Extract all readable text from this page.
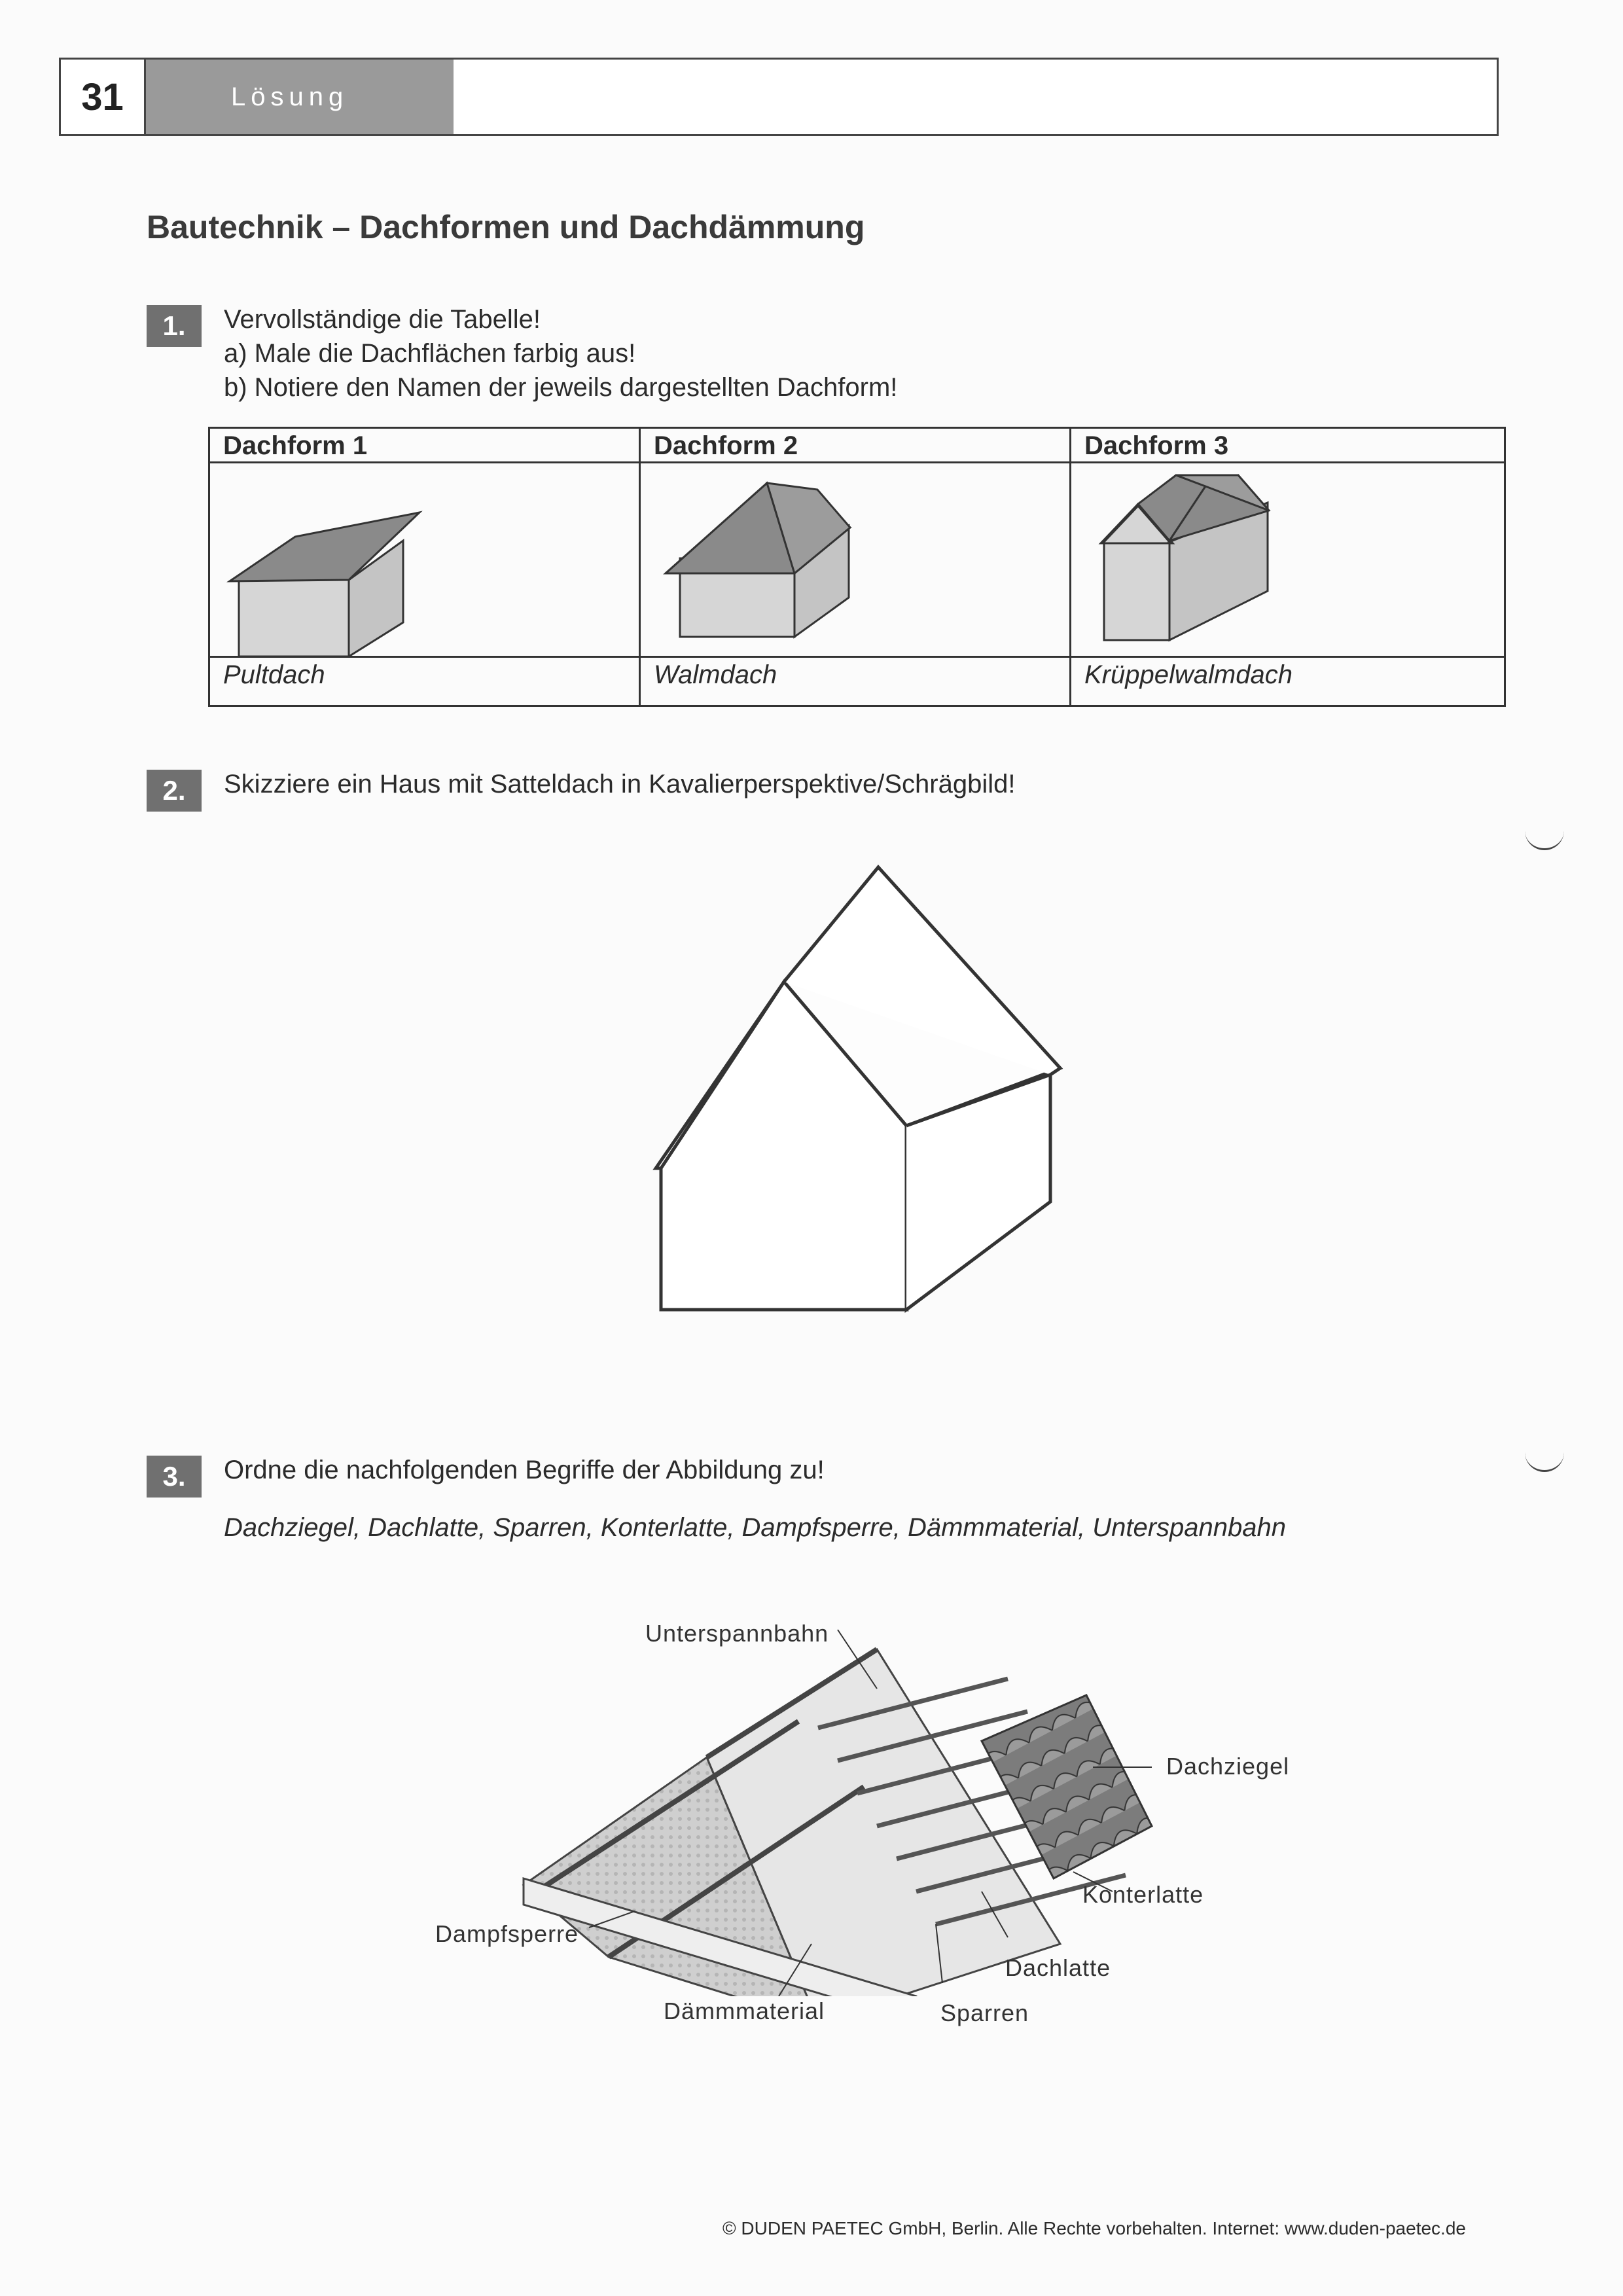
31	Lösung
Bautechnik – Dachformen und Dachdämmung
1.	Vervollständige die Tabelle!
a) Male die Dachflächen farbig aus!
b) Notiere den Namen der jeweils dargestellten Dachform!
Dachform 1	Dachform 2	Dachform 3
Pultdach	Walmdach	Krüppelwalmdach
2.	Skizziere ein Haus mit Satteldach in Kavalierperspektive/Schrägbild!
3.	Ordne die nachfolgenden Begriffe der Abbildung zu!
Dachziegel, Dachlatte, Sparren, Konterlatte, Dampfsperre, Dämmmaterial, Unterspannbahn
Unterspannbahn
Dachziegel
Konterlatte
Dachlatte
Sparren
Dämmmaterial
Dampfsperre
© DUDEN PAETEC GmbH, Berlin. Alle Rechte vorbehalten. Internet: www.duden-paetec.de
